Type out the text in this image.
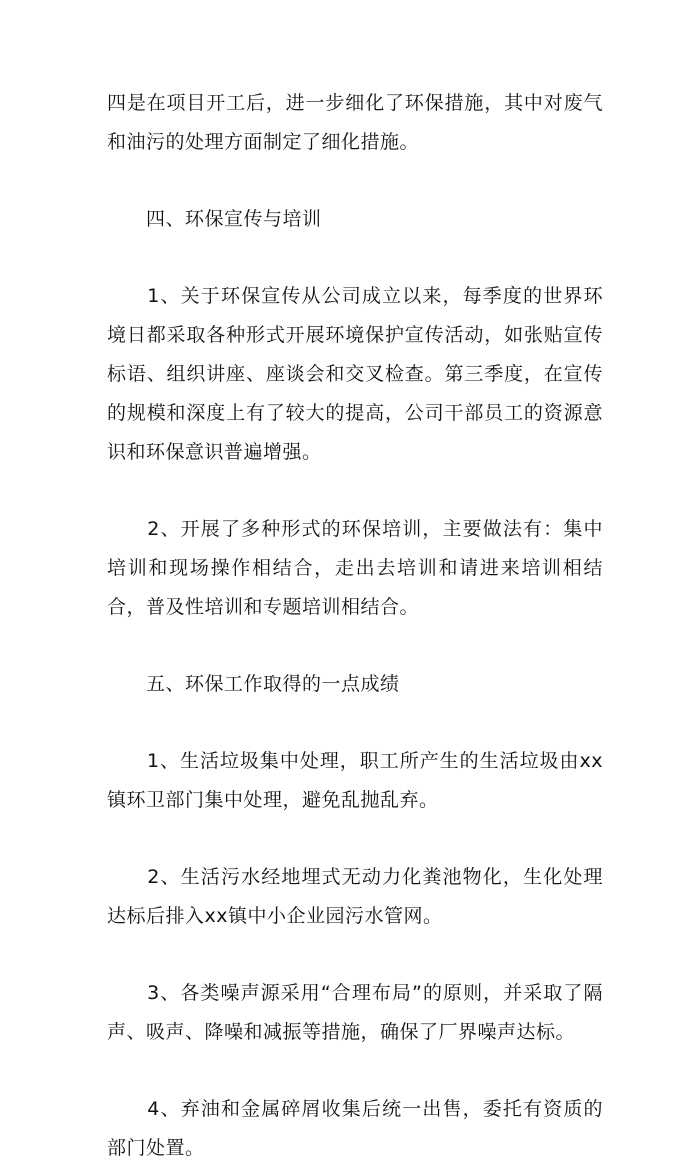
四是在项目开工后，进一步细化了环保措施，其中对废气和油污的处理方面制定了细化措施。

　　四、环保宣传与培训

　　1、关于环保宣传从公司成立以来，每季度的世界环境日都采取各种形式开展环境保护宣传活动，如张贴宣传标语、组织讲座、座谈会和交叉检查。第三季度，在宣传的规模和深度上有了较大的提高，公司干部员工的资源意识和环保意识普遍增强。

　　2、开展了多种形式的环保培训，主要做法有：集中培训和现场操作相结合，走出去培训和请进来培训相结合，普及性培训和专题培训相结合。

　　五、环保工作取得的一点成绩

　　1、生活垃圾集中处理，职工所产生的生活垃圾由xx镇环卫部门集中处理，避免乱抛乱弃。

　　2、生活污水经地埋式无动力化粪池物化，生化处理达标后排入xx镇中小企业园污水管网。

　　3、各类噪声源采用“合理布局”的原则，并采取了隔声、吸声、降噪和减振等措施，确保了厂界噪声达标。

　　4、弃油和金属碎屑收集后统一出售，委托有资质的部门处置。
